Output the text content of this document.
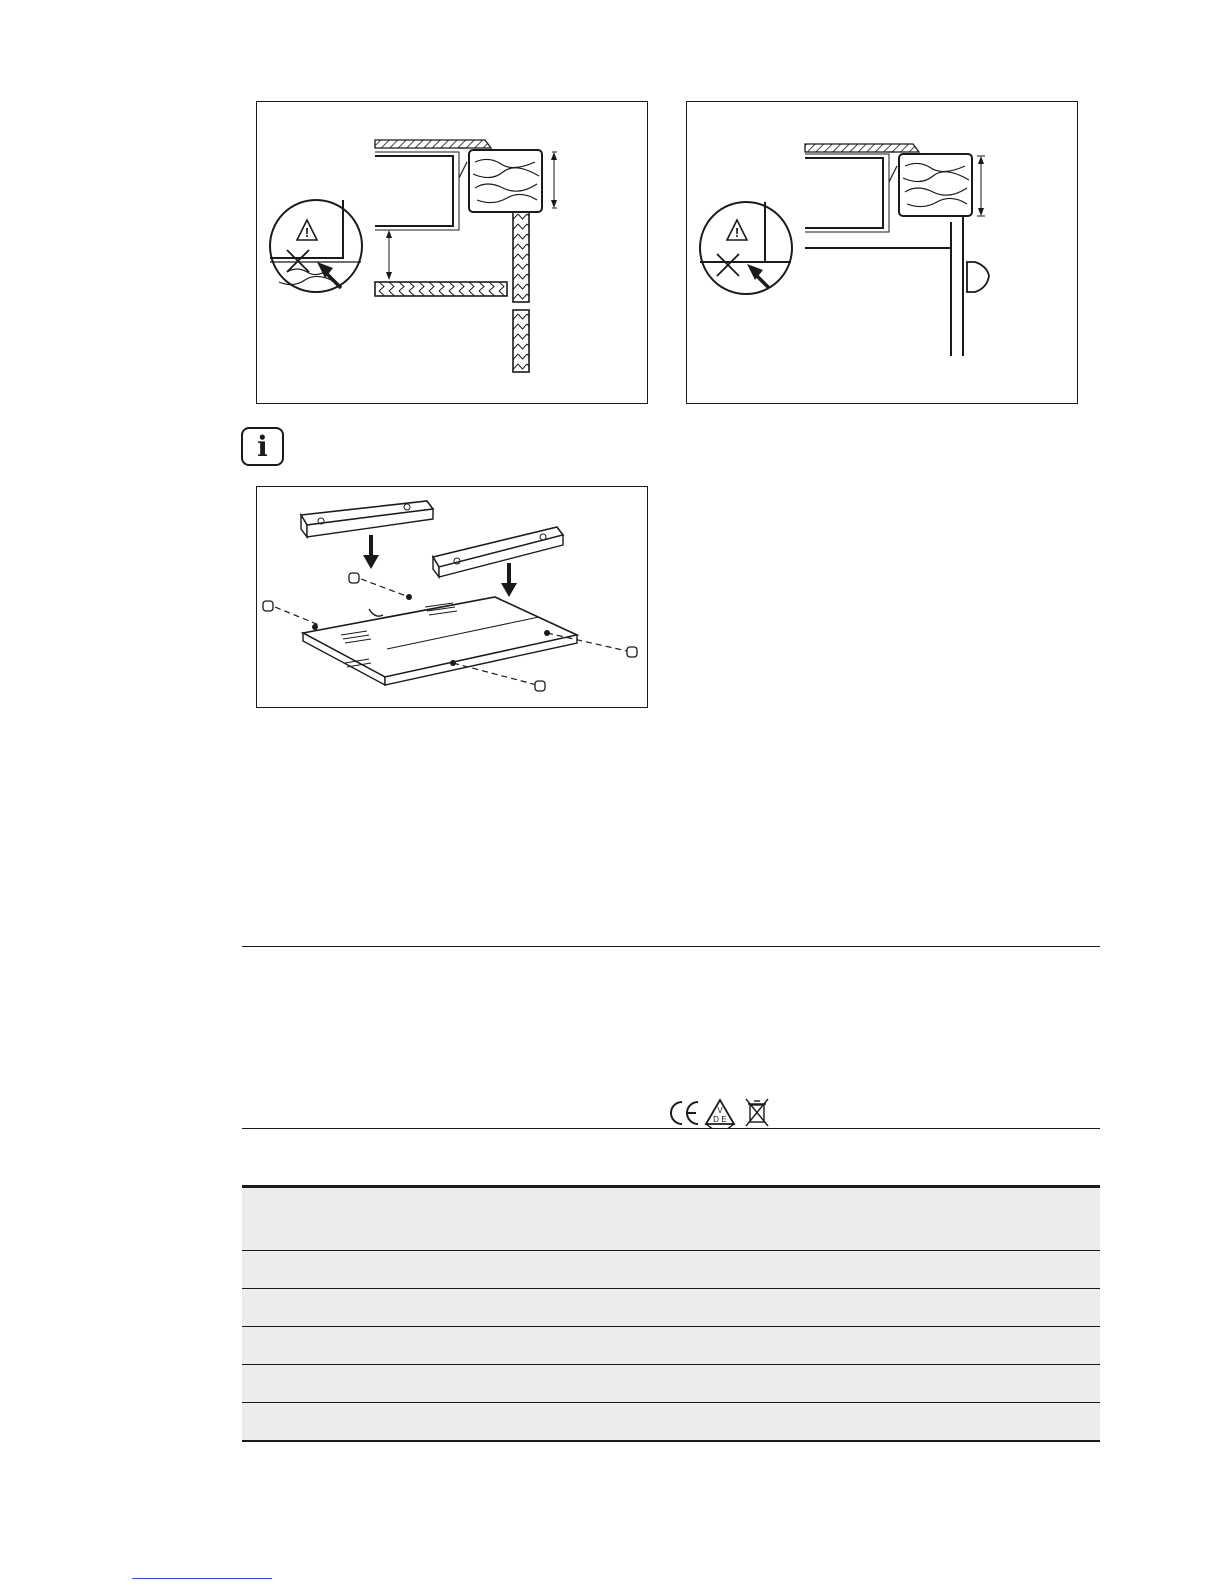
!	!
i
V
D E
